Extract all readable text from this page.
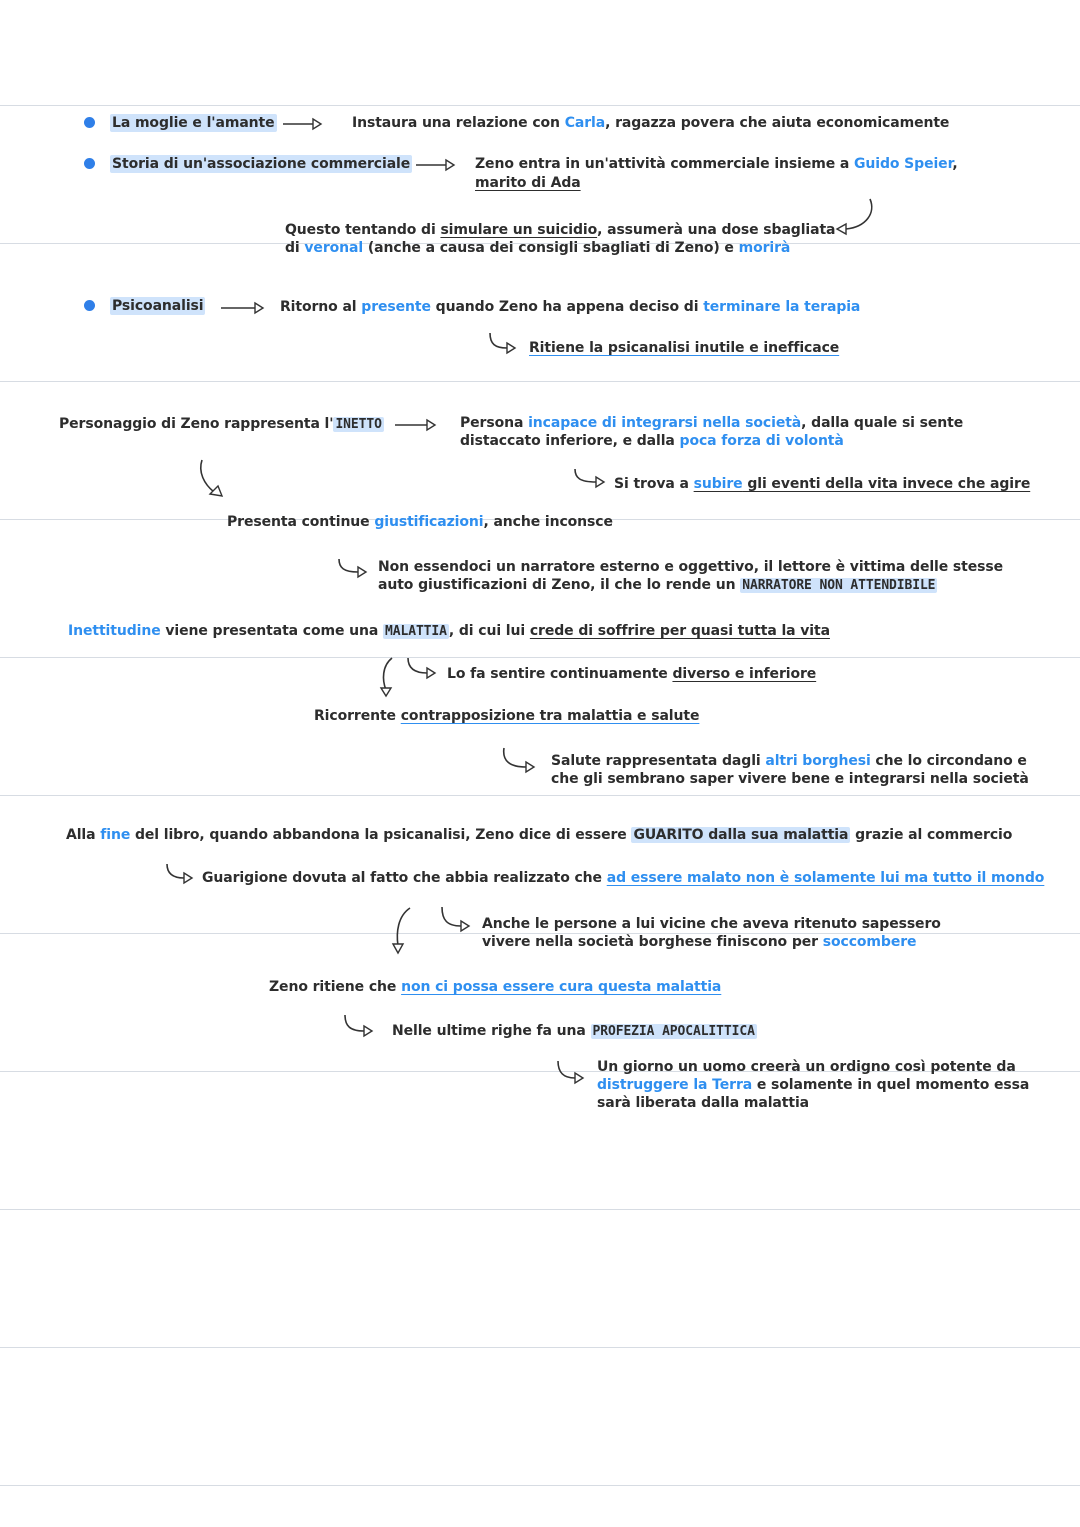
La moglie e l'amante	Instaura una relazione con Carla, ragazza povera che aiuta economicamente
Storia di un'associazione commerciale	Zeno entra in un'attività commerciale insieme a Guido Speier,
marito di Ada
Questo tentando di simulare un suicidio, assumerà una dose sbagliata
di veronal (anche a causa dei consigli sbagliati di Zeno) e morirà
Psicoanalisi	Ritorno al presente quando Zeno ha appena deciso di terminare la terapia
Ritiene la psicanalisi inutile e inefficace
Personaggio di Zeno rappresenta l' INETTO	Persona incapace di integrarsi nella società, dalla quale si sente
distaccato inferiore, e dalla poca forza di volontà
Si trova a subire gli eventi della vita invece che agire
Presenta continue giustificazioni, anche inconsce
Non essendoci un narratore esterno e oggettivo, il lettore è vittima delle stesse
auto giustificazioni di Zeno, il che lo rende un NARRATORE NON ATTENDIBILE
Inettitudine viene presentata come una MALATTIA , di cui lui crede di soffrire per quasi tutta la vita
Lo fa sentire continuamente diverso e inferiore
Ricorrente contrapposizione tra malattia e salute
Salute rappresentata dagli altri borghesi che lo circondano e
che gli sembrano saper vivere bene e integrarsi nella società
Alla fine del libro, quando abbandona la psicanalisi, Zeno dice di essere GUARITO dalla sua malattia grazie al commercio
Guarigione dovuta al fatto che abbia realizzato che ad essere malato non è solamente lui ma tutto il mondo
Anche le persone a lui vicine che aveva ritenuto sapessero
vivere nella società borghese finiscono per soccombere
Zeno ritiene che non ci possa essere cura questa malattia
Nelle ultime righe fa una PROFEZIA APOCALITTICA
Un giorno un uomo creerà un ordigno così potente da
distruggere la Terra e solamente in quel momento essa
sarà liberata dalla malattia
